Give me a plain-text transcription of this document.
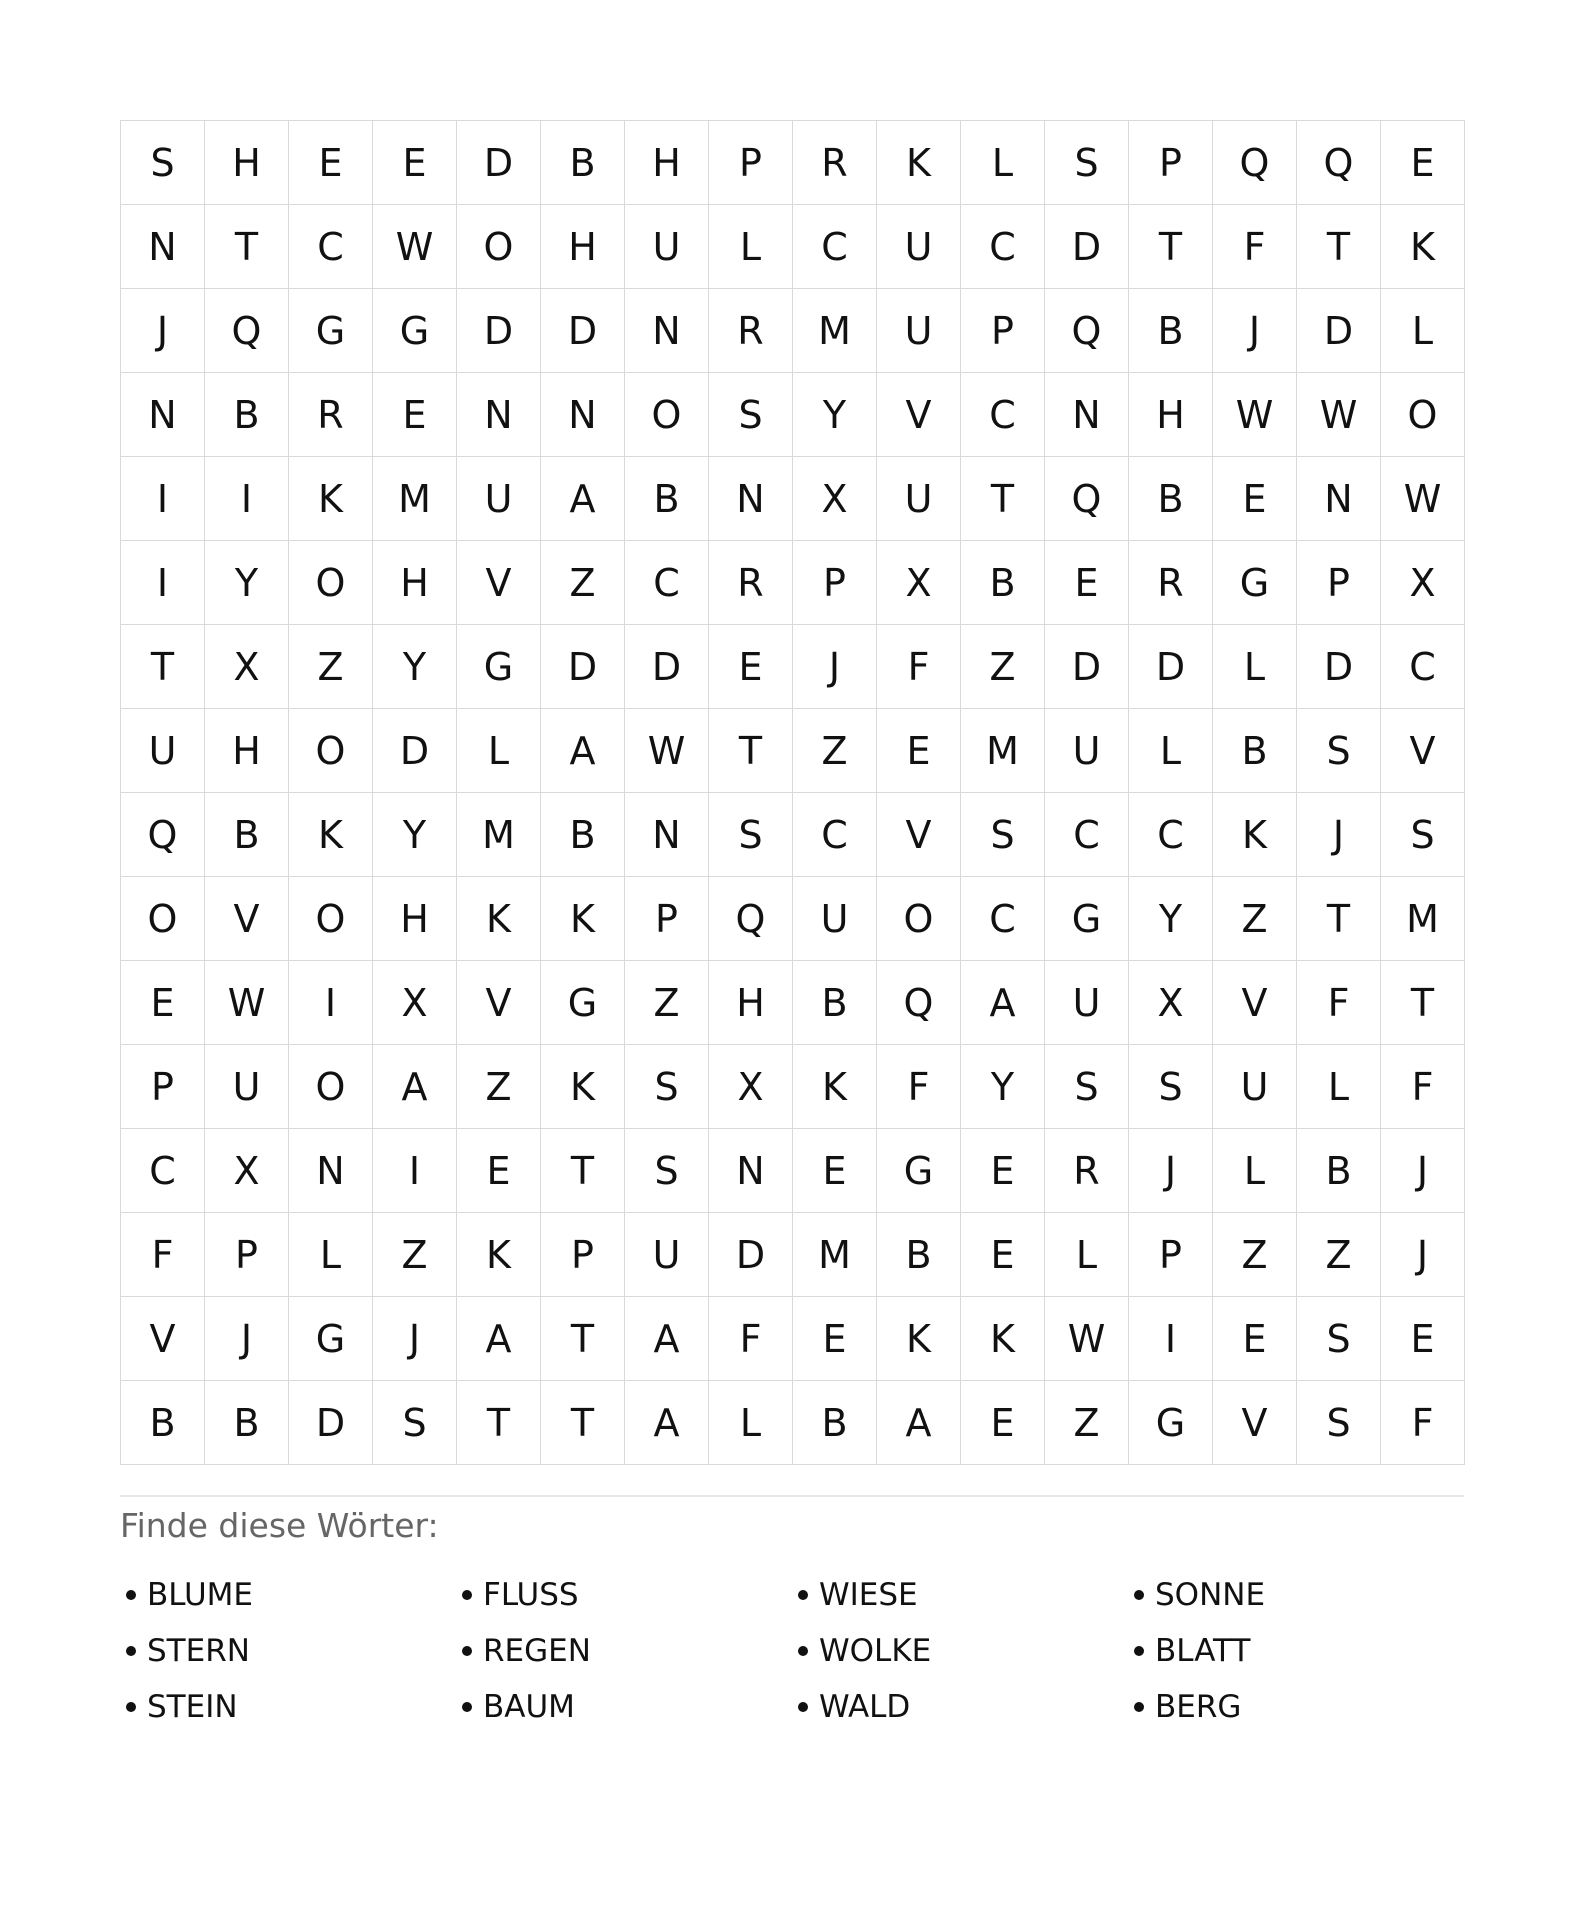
S	H	E	E	D	B	H	P	R	K	L	S	P	Q	Q	E
N	T	C	W	O	H	U	L	C	U	C	D	T	F	T	K
J	Q	G	G	D	D	N	R	M	U	P	Q	B	J	D	L
N	B	R	E	N	N	O	S	Y	V	C	N	H	W	W	O
I	I	K	M	U	A	B	N	X	U	T	Q	B	E	N	W
I	Y	O	H	V	Z	C	R	P	X	B	E	R	G	P	X
T	X	Z	Y	G	D	D	E	J	F	Z	D	D	L	D	C
U	H	O	D	L	A	W	T	Z	E	M	U	L	B	S	V
Q	B	K	Y	M	B	N	S	C	V	S	C	C	K	J	S
O	V	O	H	K	K	P	Q	U	O	C	G	Y	Z	T	M
E	W	I	X	V	G	Z	H	B	Q	A	U	X	V	F	T
P	U	O	A	Z	K	S	X	K	F	Y	S	S	U	L	F
C	X	N	I	E	T	S	N	E	G	E	R	J	L	B	J
F	P	L	Z	K	P	U	D	M	B	E	L	P	Z	Z	J
V	J	G	J	A	T	A	F	E	K	K	W	I	E	S	E
B	B	D	S	T	T	A	L	B	A	E	Z	G	V	S	F
Finde diese Wörter:
BLUME	FLUSS	WIESE	SONNE
STERN	REGEN	WOLKE	BLATT
STEIN	BAUM	WALD	BERG
